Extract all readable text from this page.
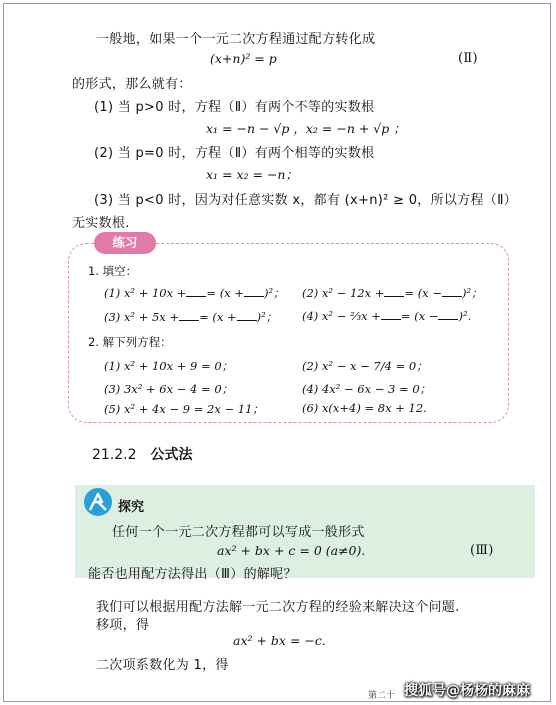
一般地，如果一个一元二次方程通过配方转化成
(x+n)² = p	(Ⅱ)
的形式，那么就有：
(1) 当 p>0 时，方程（Ⅱ）有两个不等的实数根
x₁ = −n − √p ，x₂ = −n + √p ；
(2) 当 p=0 时，方程（Ⅱ）有两个相等的实数根
x₁ = x₂ = −n；
(3) 当 p<0 时，因为对任意实数 x，都有 (x+n)² ≥ 0，所以方程（Ⅱ）
无实数根.
练习
1. 填空：
(1) x² + 10x + = (x + )²； (2) x² − 12x + = (x − )²；
(3) x² + 5x + = (x + )²； (4) x² − ⅔x + = (x − )².
2. 解下列方程：
(1) x² + 10x + 9 = 0；	(2) x² − x − 7/4 = 0；
(3) 3x² + 6x − 4 = 0；	(4) 4x² − 6x − 3 = 0；
(5) x² + 4x − 9 = 2x − 11；	(6) x(x+4) = 8x + 12.
21.2.2 公式法
探究
任何一个一元二次方程都可以写成一般形式
ax² + bx + c = 0 (a≠0).	(Ⅲ)
能否也用配方法得出（Ⅲ）的解呢？
我们可以根据用配方法解一元二次方程的经验来解决这个问题.
移项，得
ax² + bx = −c.
二次项系数化为 1，得
第二十 搜狐号@杨杨的麻麻
